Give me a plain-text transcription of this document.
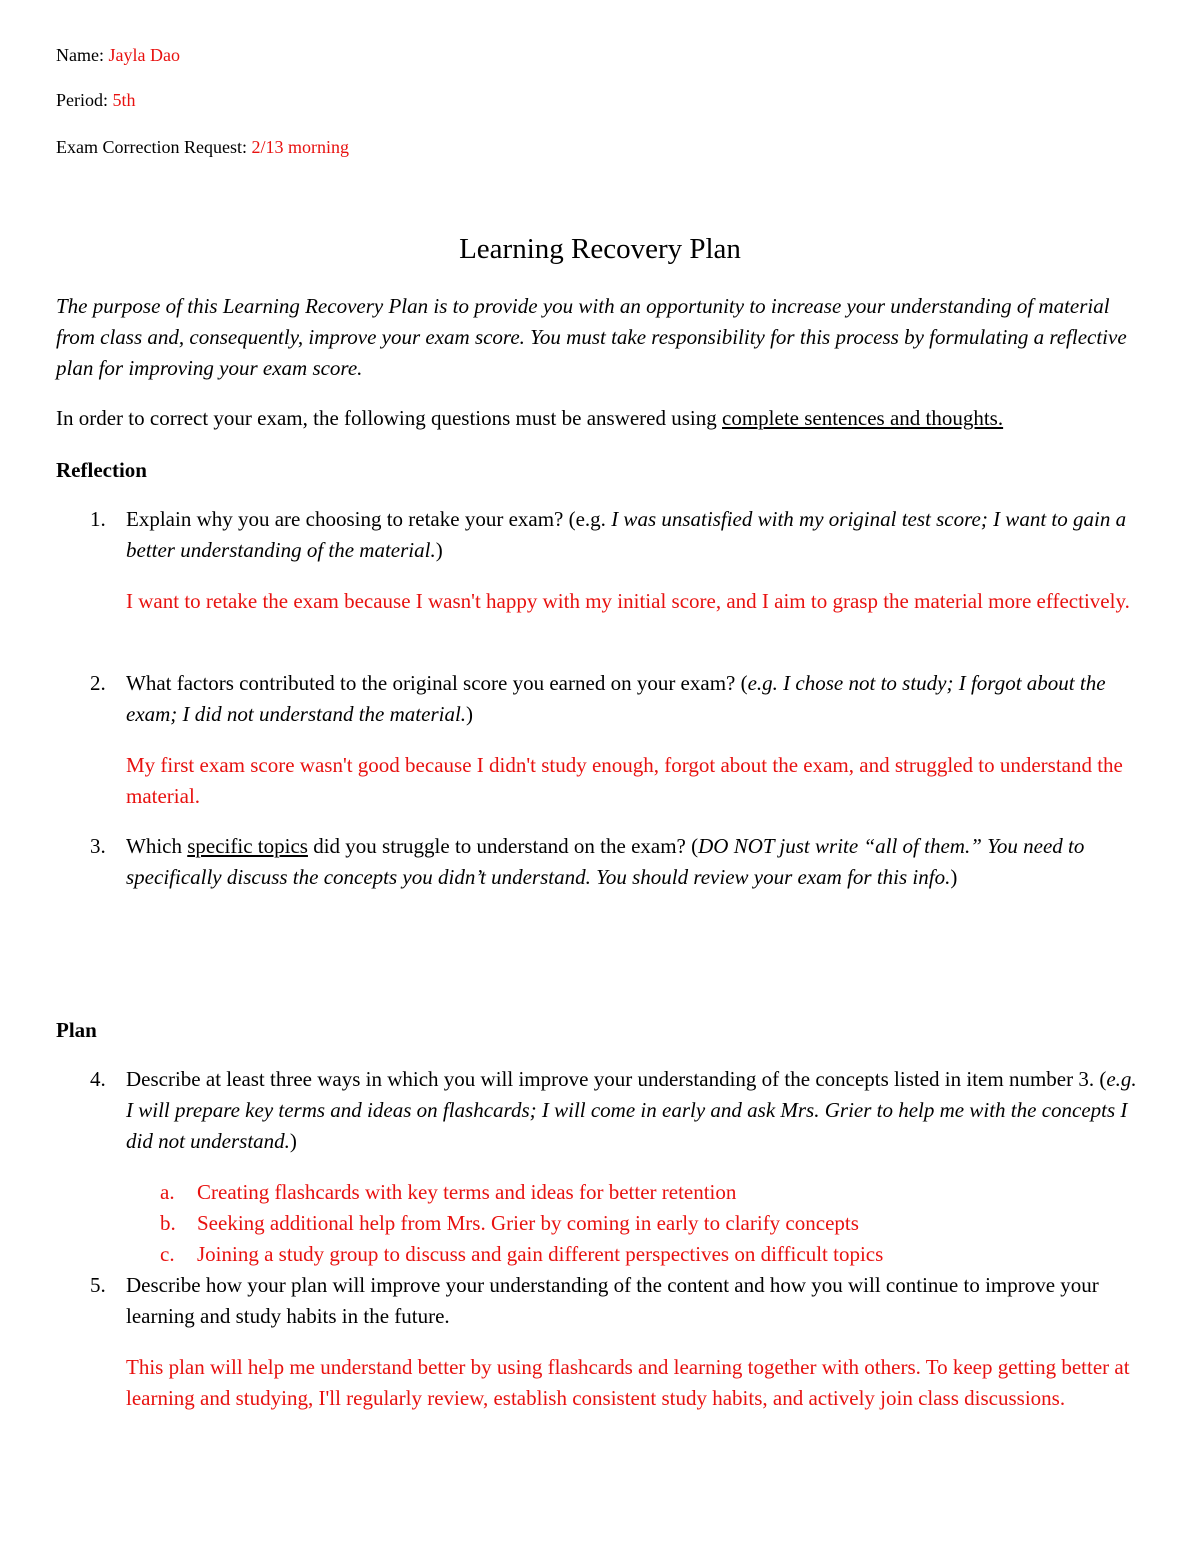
Name: Jayla Dao
Period: 5th
Exam Correction Request: 2/13 morning
Learning Recovery Plan
The purpose of this Learning Recovery Plan is to provide you with an opportunity to increase your understanding of material from class and, consequently, improve your exam score. You must take responsibility for this process by formulating a reflective plan for improving your exam score.
In order to correct your exam, the following questions must be answered using complete sentences and thoughts.
Reflection
1. Explain why you are choosing to retake your exam? (e.g. I was unsatisfied with my original test score; I want to gain a better understanding of the material.)
I want to retake the exam because I wasn't happy with my initial score, and I aim to grasp the material more effectively.
2. What factors contributed to the original score you earned on your exam? (e.g. I chose not to study; I forgot about the exam; I did not understand the material.)
My first exam score wasn't good because I didn't study enough, forgot about the exam, and struggled to understand the material.
3. Which specific topics did you struggle to understand on the exam? (DO NOT just write “all of them.” You need to specifically discuss the concepts you didn’t understand. You should review your exam for this info.)
Plan
4. Describe at least three ways in which you will improve your understanding of the concepts listed in item number 3. (e.g. I will prepare key terms and ideas on flashcards; I will come in early and ask Mrs. Grier to help me with the concepts I did not understand.)
a.	Creating flashcards with key terms and ideas for better retention
b.	Seeking additional help from Mrs. Grier by coming in early to clarify concepts
c.	Joining a study group to discuss and gain different perspectives on difficult topics
5. Describe how your plan will improve your understanding of the content and how you will continue to improve your learning and study habits in the future.
This plan will help me understand better by using flashcards and learning together with others. To keep getting better at learning and studying, I'll regularly review, establish consistent study habits, and actively join class discussions.
